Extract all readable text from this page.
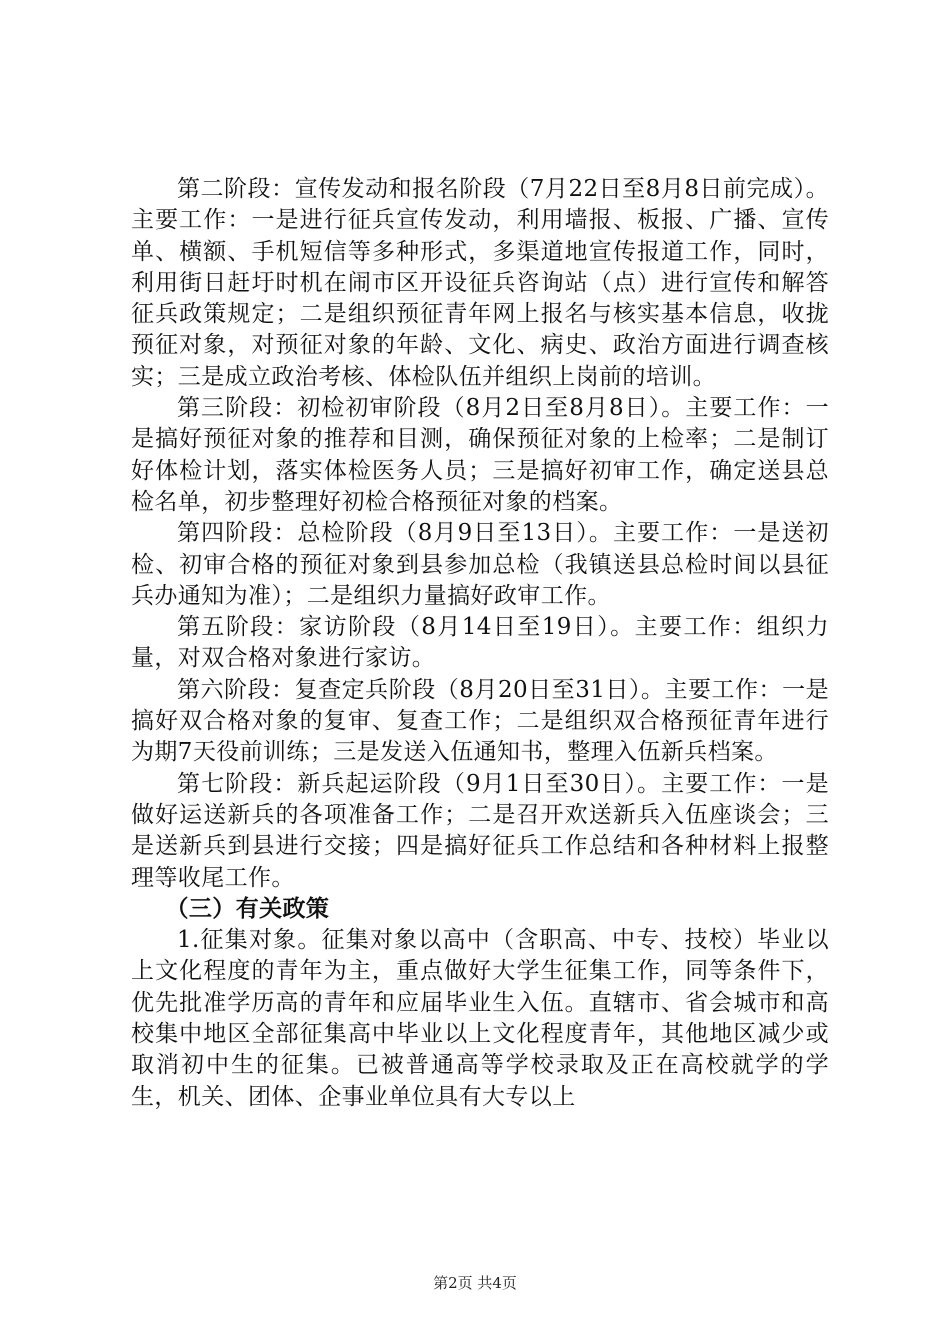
第二阶段：宣传发动和报名阶段（7月22日至8月8日前完成）。主要工作：一是进行征兵宣传发动，利用墙报、板报、广播、宣传单、横额、手机短信等多种形式，多渠道地宣传报道工作，同时，利用街日赶圩时机在闹市区开设征兵咨询站（点）进行宣传和解答征兵政策规定；二是组织预征青年网上报名与核实基本信息，收拢预征对象，对预征对象的年龄、文化、病史、政治方面进行调查核实；三是成立政治考核、体检队伍并组织上岗前的培训。

第三阶段：初检初审阶段（8月2日至8月8日）。主要工作：一是搞好预征对象的推荐和目测，确保预征对象的上检率；二是制订好体检计划，落实体检医务人员；三是搞好初审工作，确定送县总检名单，初步整理好初检合格预征对象的档案。

第四阶段：总检阶段（8月9日至13日）。主要工作：一是送初检、初审合格的预征对象到县参加总检（我镇送县总检时间以县征兵办通知为准）；二是组织力量搞好政审工作。

第五阶段：家访阶段（8月14日至19日）。主要工作：组织力量，对双合格对象进行家访。

第六阶段：复查定兵阶段（8月20日至31日）。主要工作：一是搞好双合格对象的复审、复查工作；二是组织双合格预征青年进行为期7天役前训练；三是发送入伍通知书，整理入伍新兵档案。

第七阶段：新兵起运阶段（9月1日至30日）。主要工作：一是做好运送新兵的各项准备工作；二是召开欢送新兵入伍座谈会；三是送新兵到县进行交接；四是搞好征兵工作总结和各种材料上报整理等收尾工作。

（三）有关政策

1.征集对象。征集对象以高中（含职高、中专、技校）毕业以上文化程度的青年为主，重点做好大学生征集工作，同等条件下，优先批准学历高的青年和应届毕业生入伍。直辖市、省会城市和高校集中地区全部征集高中毕业以上文化程度青年，其他地区减少或取消初中生的征集。已被普通高等学校录取及正在高校就学的学生，机关、团体、企事业单位具有大专以上

第2页 共4页
